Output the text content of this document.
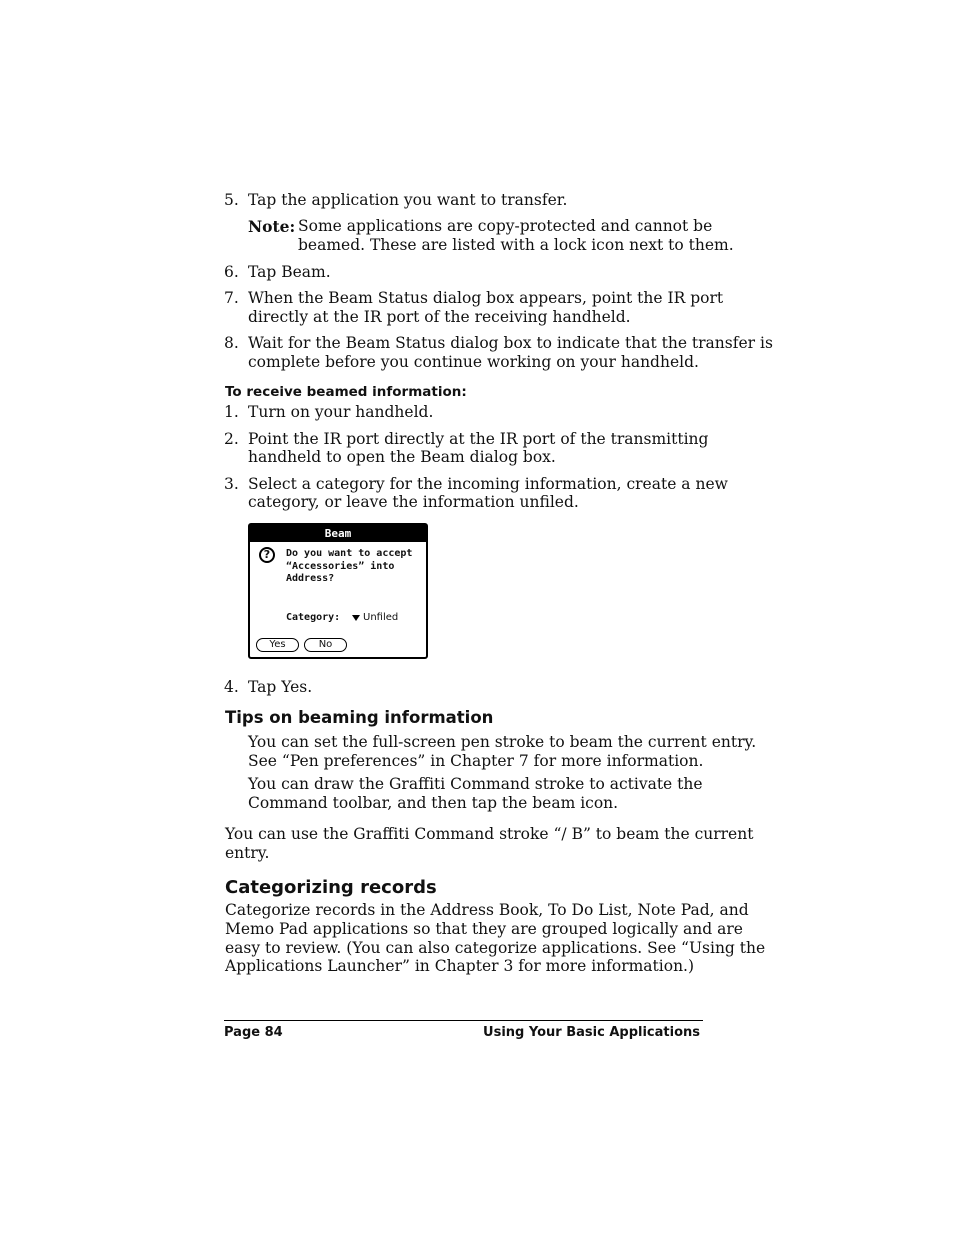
5. Tap the application you want to transfer.
Note: Some applications are copy-protected and cannot be
beamed. These are listed with a lock icon next to them.
6. Tap Beam.
7. When the Beam Status dialog box appears, point the IR port
directly at the IR port of the receiving handheld.
8. Wait for the Beam Status dialog box to indicate that the transfer is
complete before you continue working on your handheld.
To receive beamed information:
1. Turn on your handheld.
2. Point the IR port directly at the IR port of the transmitting
handheld to open the Beam dialog box.
3. Select a category for the incoming information, create a new
category, or leave the information unfiled.
Beam
?	Do you want to accept
“Accessories” into
Address?
Category: Unfiled
Yes	No
4. Tap Yes.
Tips on beaming information
You can set the full-screen pen stroke to beam the current entry.
See “Pen preferences” in Chapter 7 for more information.
You can draw the Graffiti Command stroke to activate the
Command toolbar, and then tap the beam icon.
You can use the Graffiti Command stroke “/ B” to beam the current
entry.
Categorizing records
Categorize records in the Address Book, To Do List, Note Pad, and
Memo Pad applications so that they are grouped logically and are
easy to review. (You can also categorize applications. See “Using the
Applications Launcher” in Chapter 3 for more information.)
Page 84	Using Your Basic Applications
